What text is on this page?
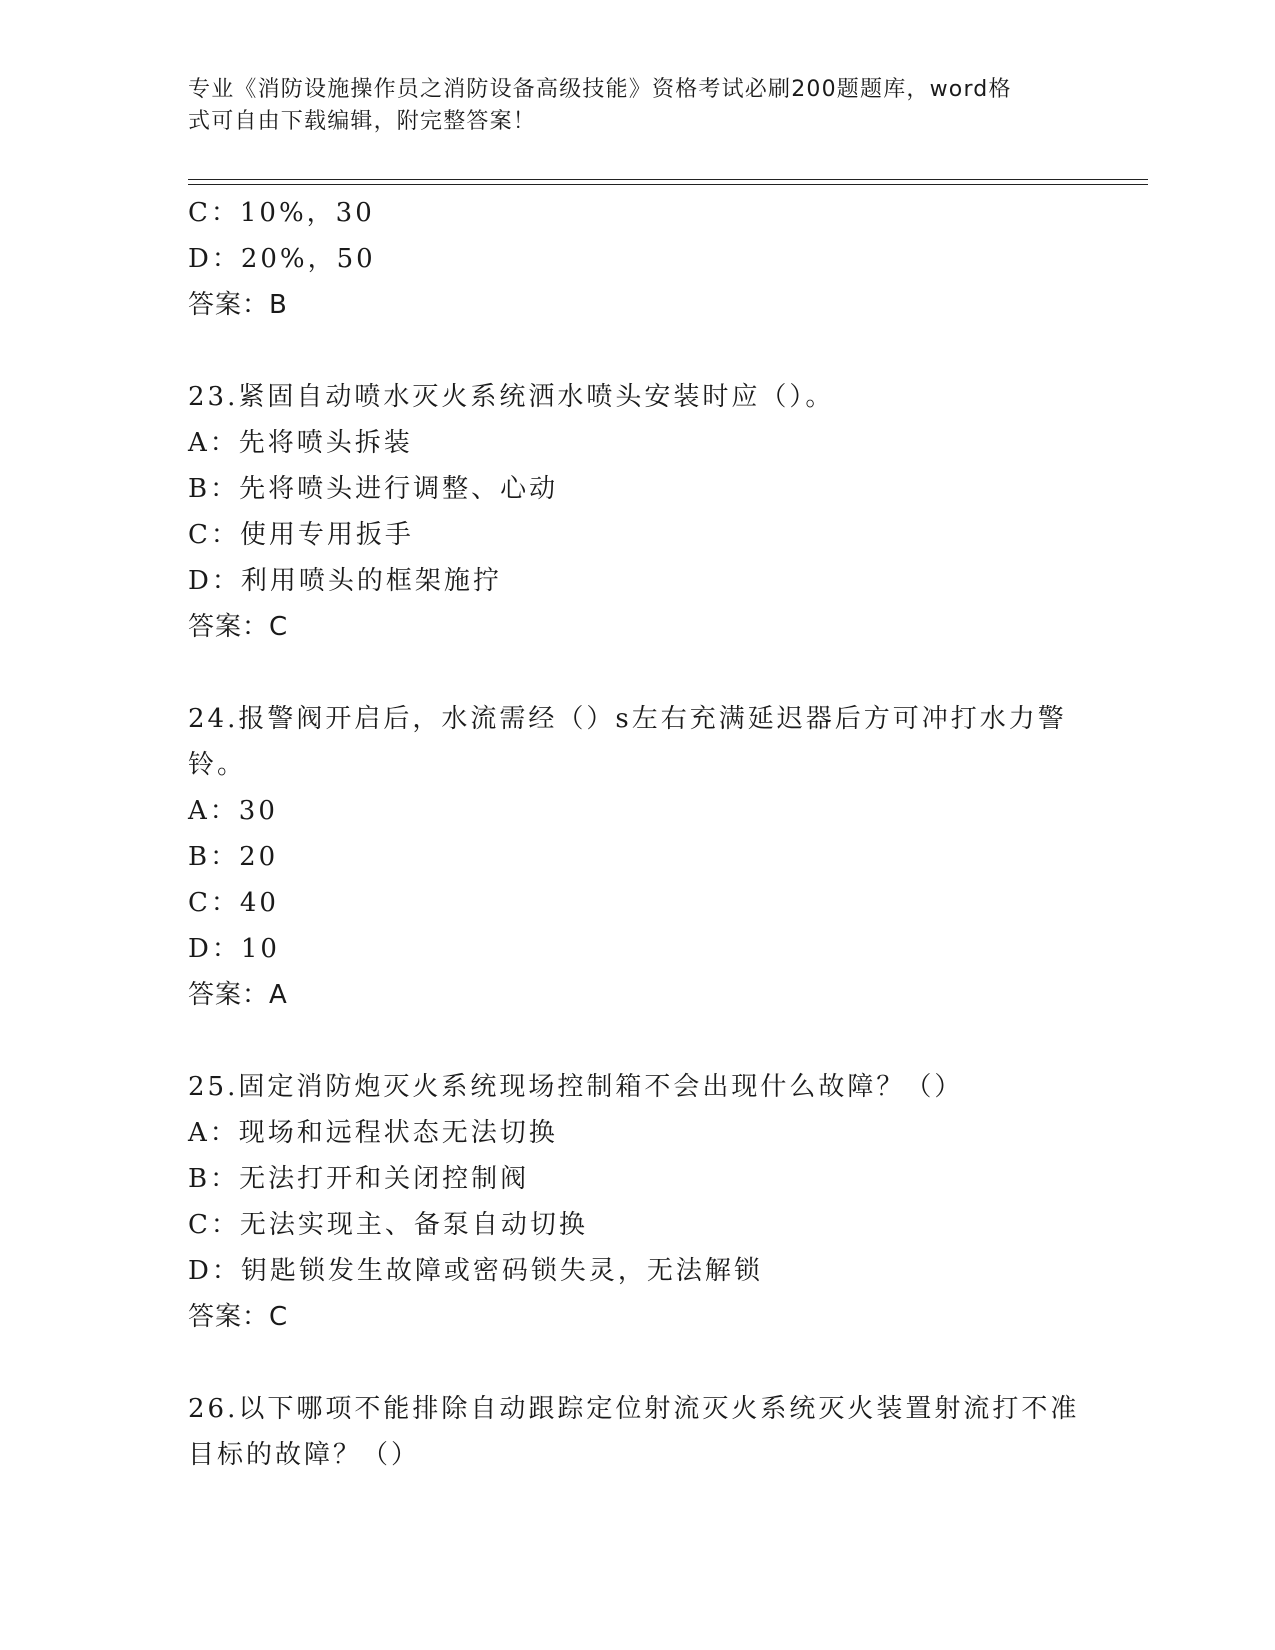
专业《消防设施操作员之消防设备高级技能》资格考试必刷200题题库，word格
式可自由下载编辑，附完整答案！
C：10%，30
D：20%，50
答案：B
23.紧固自动喷水灭火系统洒水喷头安装时应（）。
A：先将喷头拆装
B：先将喷头进行调整、心动
C：使用专用扳手
D：利用喷头的框架施拧
答案：C
24.报警阀开启后，水流需经（）s左右充满延迟器后方可冲打水力警
铃。
A：30
B：20
C：40
D：10
答案：A
25.固定消防炮灭火系统现场控制箱不会出现什么故障？（）
A：现场和远程状态无法切换
B：无法打开和关闭控制阀
C：无法实现主、备泵自动切换
D：钥匙锁发生故障或密码锁失灵，无法解锁
答案：C
26.以下哪项不能排除自动跟踪定位射流灭火系统灭火装置射流打不准
目标的故障？（）
